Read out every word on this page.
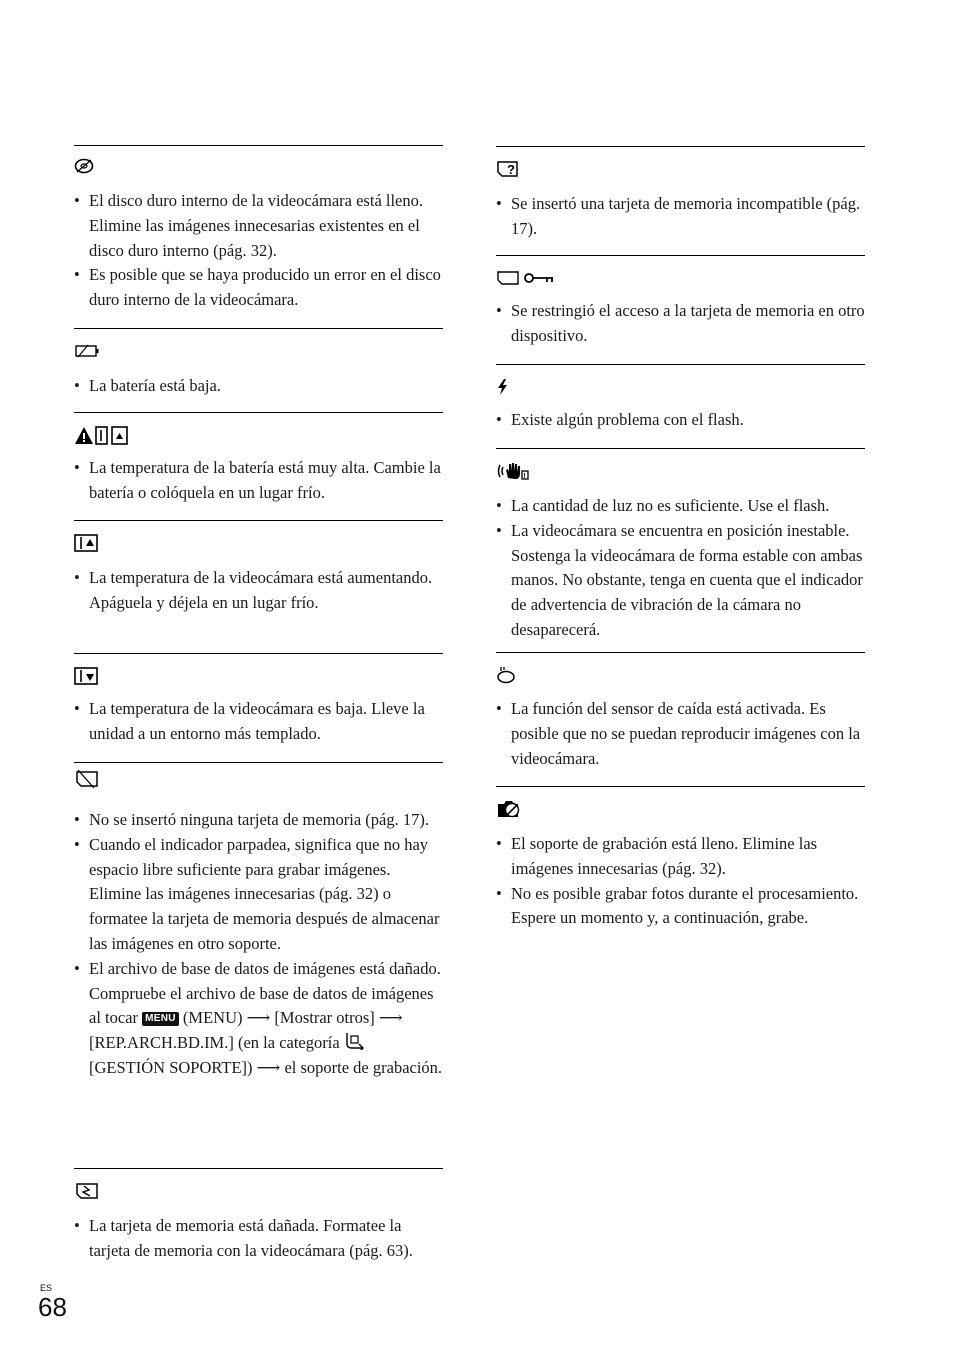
• El disco duro interno de la videocámara está lleno. Elimine las imágenes innecesarias existentes en el disco duro interno (pág. 32).
• Es posible que se haya producido un error en el disco duro interno de la videocámara.
• La batería está baja.
• La temperatura de la batería está muy alta. Cambie la batería o colóquela en un lugar frío.
• La temperatura de la videocámara está aumentando. Apáguela y déjela en un lugar frío.
• La temperatura de la videocámara es baja. Lleve la unidad a un entorno más templado.
• No se insertó ninguna tarjeta de memoria (pág. 17).
• Cuando el indicador parpadea, significa que no hay espacio libre suficiente para grabar imágenes. Elimine las imágenes innecesarias (pág. 32) o formatee la tarjeta de memoria después de almacenar las imágenes en otro soporte.
• El archivo de base de datos de imágenes está dañado. Compruebe el archivo de base de datos de imágenes al tocar MENU (MENU) ⟶ [Mostrar otros] ⟶ [REP.ARCH.BD.IM.] (en la categoría  [GESTIÓN SOPORTE]) ⟶ el soporte de grabación.
• La tarjeta de memoria está dañada. Formatee la tarjeta de memoria con la videocámara (pág. 63).
?
• Se insertó una tarjeta de memoria incompatible (pág. 17).
• Se restringió el acceso a la tarjeta de memoria en otro dispositivo.
• Existe algún problema con el flash.
!
• La cantidad de luz no es suficiente. Use el flash.
• La videocámara se encuentra en posición inestable. Sostenga la videocámara de forma estable con ambas manos. No obstante, tenga en cuenta que el indicador de advertencia de vibración de la cámara no desaparecerá.
• La función del sensor de caída está activada. Es posible que no se puedan reproducir imágenes con la videocámara.
• El soporte de grabación está lleno. Elimine las imágenes innecesarias (pág. 32).
• No es posible grabar fotos durante el procesamiento. Espere un momento y, a continuación, grabe.
ES
68
